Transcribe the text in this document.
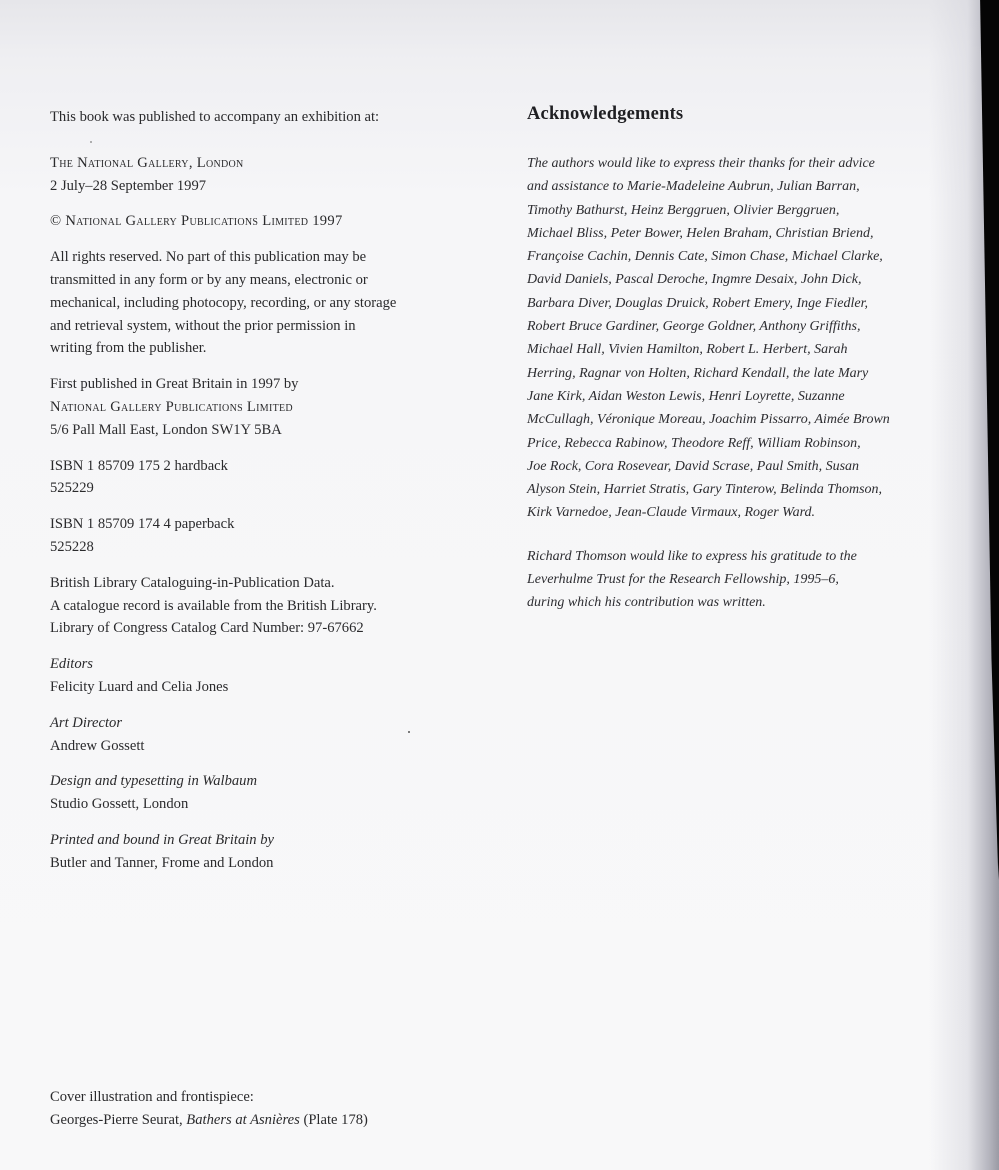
This book was published to accompany an exhibition at:

The National Gallery, London
2 July–28 September 1997

© National Gallery Publications Limited 1997

All rights reserved. No part of this publication may be
transmitted in any form or by any means, electronic or
mechanical, including photocopy, recording, or any storage
and retrieval system, without the prior permission in
writing from the publisher.

First published in Great Britain in 1997 by
National Gallery Publications Limited
5/6 Pall Mall East, London SW1Y 5BA

ISBN 1 85709 175 2 hardback
525229

ISBN 1 85709 174 4 paperback
525228

British Library Cataloguing-in-Publication Data.
A catalogue record is available from the British Library.
Library of Congress Catalog Card Number: 97-67662

Editors
Felicity Luard and Celia Jones

Art Director
Andrew Gossett

Design and typesetting in Walbaum
Studio Gossett, London

Printed and bound in Great Britain by
Butler and Tanner, Frome and London

Cover illustration and frontispiece:
Georges-Pierre Seurat, Bathers at Asnières (Plate 178)
Acknowledgements

The authors would like to express their thanks for their advice
and assistance to Marie-Madeleine Aubrun, Julian Barran,
Timothy Bathurst, Heinz Berggruen, Olivier Berggruen,
Michael Bliss, Peter Bower, Helen Braham, Christian Briend,
Françoise Cachin, Dennis Cate, Simon Chase, Michael Clarke,
David Daniels, Pascal Deroche, Ingmre Desaix, John Dick,
Barbara Diver, Douglas Druick, Robert Emery, Inge Fiedler,
Robert Bruce Gardiner, George Goldner, Anthony Griffiths,
Michael Hall, Vivien Hamilton, Robert L. Herbert, Sarah
Herring, Ragnar von Holten, Richard Kendall, the late Mary
Jane Kirk, Aidan Weston Lewis, Henri Loyrette, Suzanne
McCullagh, Véronique Moreau, Joachim Pissarro, Aimée Brown
Price, Rebecca Rabinow, Theodore Reff, William Robinson,
Joe Rock, Cora Rosevear, David Scrase, Paul Smith, Susan
Alyson Stein, Harriet Stratis, Gary Tinterow, Belinda Thomson,
Kirk Varnedoe, Jean-Claude Virmaux, Roger Ward.

Richard Thomson would like to express his gratitude to the
Leverhulme Trust for the Research Fellowship, 1995–6,
during which his contribution was written.
